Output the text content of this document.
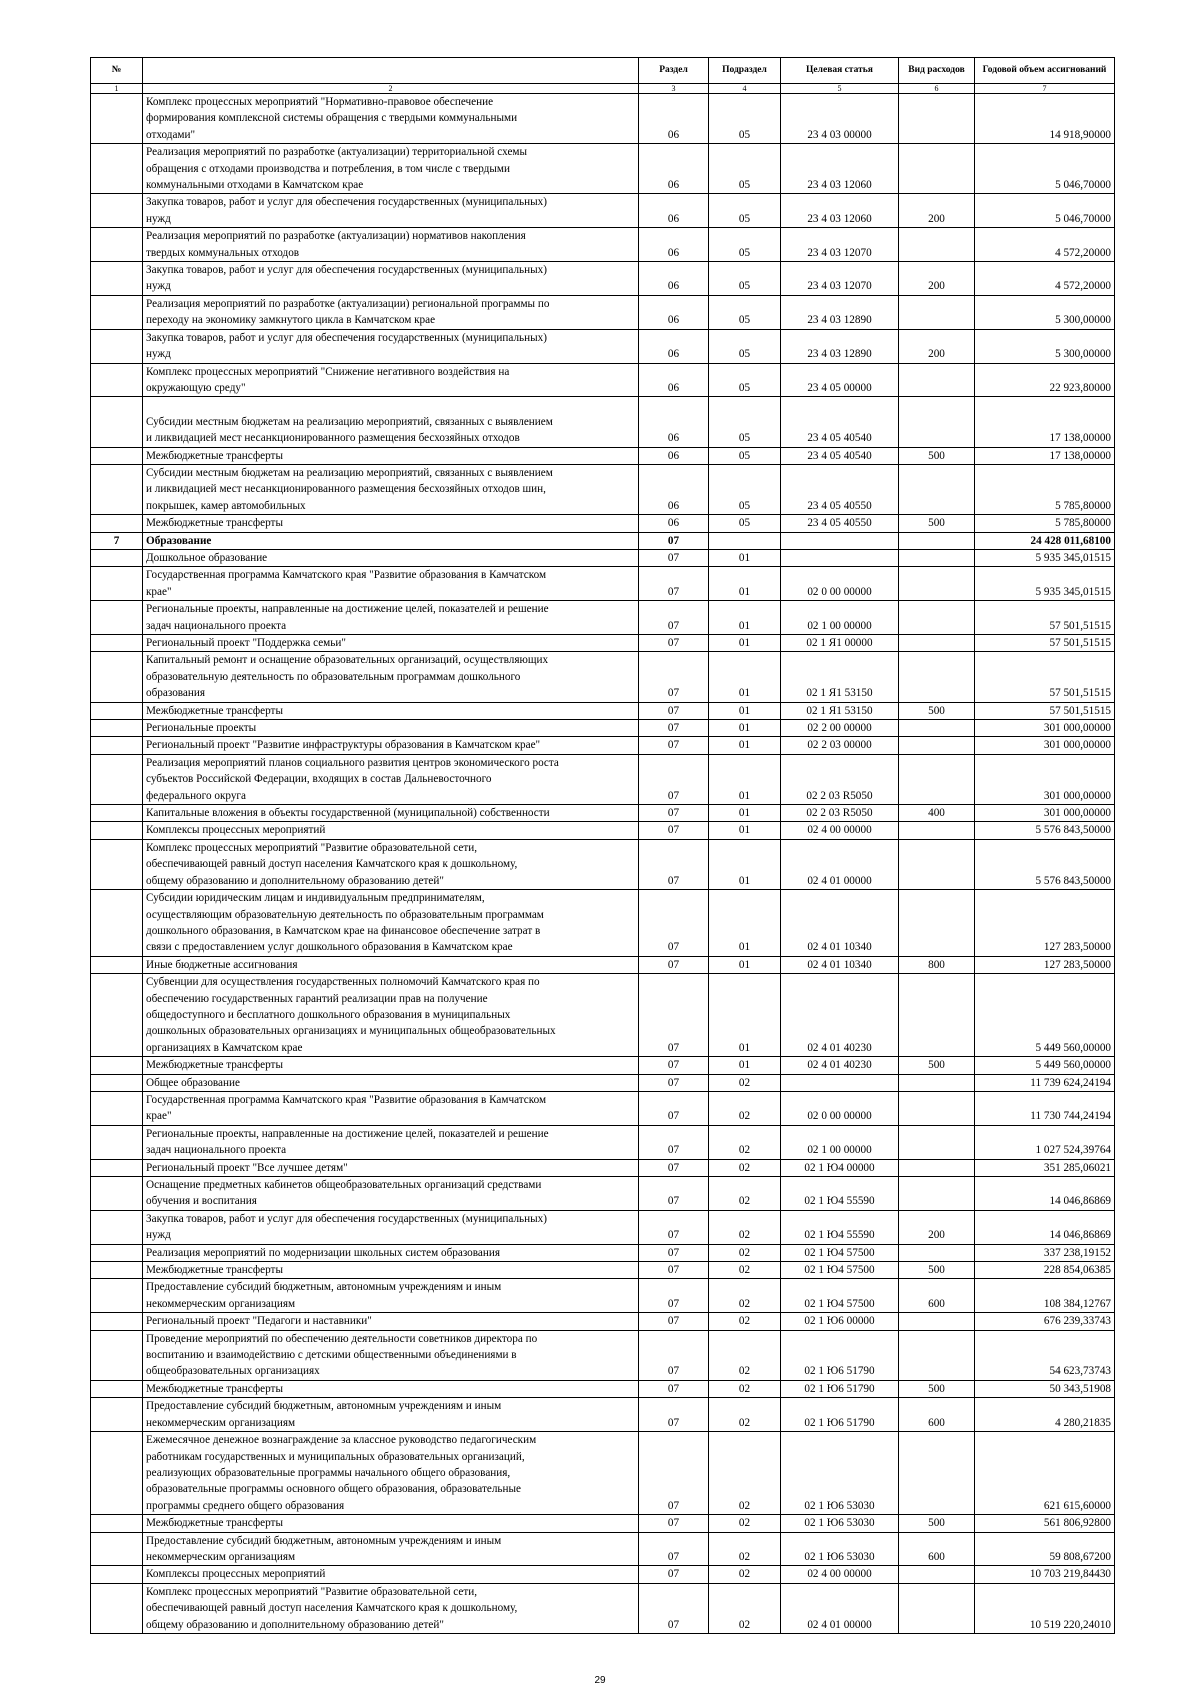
№		Раздел	Подраздел	Целевая статья	Вид расходов	Годовой объем ассигнований
1	2	3	4	5	6	7
	Комплекс процессных мероприятий "Нормативно-правовое обеспечение
формирования комплексной системы обращения с твердыми коммунальными
отходами"	06	05	23 4 03 00000		14 918,90000
	Реализация мероприятий по разработке (актуализации) территориальной схемы
обращения с отходами производства и потребления, в том числе с твердыми
коммунальными отходами в Камчатском крае	06	05	23 4 03 12060		5 046,70000
	Закупка товаров, работ и услуг для обеспечения государственных (муниципальных)
нужд	06	05	23 4 03 12060	200	5 046,70000
	Реализация мероприятий по разработке (актуализации) нормативов накопления
твердых коммунальных отходов	06	05	23 4 03 12070		4 572,20000
	Закупка товаров, работ и услуг для обеспечения государственных (муниципальных)
нужд	06	05	23 4 03 12070	200	4 572,20000
	Реализация мероприятий по разработке (актуализации) региональной программы по
переходу на экономику замкнутого цикла в Камчатском крае	06	05	23 4 03 12890		5 300,00000
	Закупка товаров, работ и услуг для обеспечения государственных (муниципальных)
нужд	06	05	23 4 03 12890	200	5 300,00000
	Комплекс процессных мероприятий "Снижение негативного воздействия на
окружающую среду"	06	05	23 4 05 00000		22 923,80000

Субсидии местным бюджетам на реализацию мероприятий, связанных с выявлением
и ликвидацией мест несанкционированного размещения бесхозяйных отходов	06	05	23 4 05 40540		17 138,00000
	Межбюджетные трансферты	06	05	23 4 05 40540	500	17 138,00000
	Субсидии местным бюджетам на реализацию мероприятий, связанных с выявлением
и ликвидацией мест несанкционированного размещения бесхозяйных отходов шин,
покрышек, камер автомобильных	06	05	23 4 05 40550		5 785,80000
	Межбюджетные трансферты	06	05	23 4 05 40550	500	5 785,80000
7	Образование	07				24 428 011,68100
	Дошкольное образование	07	01			5 935 345,01515
	Государственная программа Камчатского края "Развитие образования в Камчатском
крае"	07	01	02 0 00 00000		5 935 345,01515
	Региональные проекты, направленные на достижение целей, показателей и решение
задач национального проекта	07	01	02 1 00 00000		57 501,51515
	Региональный проект "Поддержка семьи"	07	01	02 1 Я1 00000		57 501,51515
	Капитальный ремонт и оснащение образовательных организаций, осуществляющих
образовательную деятельность по образовательным программам дошкольного
образования	07	01	02 1 Я1 53150		57 501,51515
	Межбюджетные трансферты	07	01	02 1 Я1 53150	500	57 501,51515
	Региональные проекты	07	01	02 2 00 00000		301 000,00000
	Региональный проект "Развитие инфраструктуры образования в Камчатском крае"	07	01	02 2 03 00000		301 000,00000
	Реализация мероприятий планов социального развития центров экономического роста
субъектов Российской Федерации, входящих в состав Дальневосточного
федерального округа	07	01	02 2 03 R5050		301 000,00000
	Капитальные вложения в объекты государственной (муниципальной) собственности	07	01	02 2 03 R5050	400	301 000,00000
	Комплексы процессных мероприятий	07	01	02 4 00 00000		5 576 843,50000
	Комплекс процессных мероприятий "Развитие образовательной сети,
обеспечивающей равный доступ населения Камчатского края к дошкольному,
общему образованию и дополнительному образованию детей"	07	01	02 4 01 00000		5 576 843,50000
	Субсидии юридическим лицам и индивидуальным предпринимателям,
осуществляющим образовательную деятельность по образовательным программам
дошкольного образования, в Камчатском крае на финансовое обеспечение затрат в
связи с предоставлением услуг дошкольного образования в Камчатском крае	07	01	02 4 01 10340		127 283,50000
	Иные бюджетные ассигнования	07	01	02 4 01 10340	800	127 283,50000
	Субвенции для осуществления государственных полномочий Камчатского края по
обеспечению государственных гарантий реализации прав на получение
общедоступного и бесплатного дошкольного образования в муниципальных
дошкольных образовательных организациях и муниципальных общеобразовательных
организациях в Камчатском крае	07	01	02 4 01 40230		5 449 560,00000
	Межбюджетные трансферты	07	01	02 4 01 40230	500	5 449 560,00000
	Общее образование	07	02			11 739 624,24194
	Государственная программа Камчатского края "Развитие образования в Камчатском
крае"	07	02	02 0 00 00000		11 730 744,24194
	Региональные проекты, направленные на достижение целей, показателей и решение
задач национального проекта	07	02	02 1 00 00000		1 027 524,39764
	Региональный проект "Все лучшее детям"	07	02	02 1 Ю4 00000		351 285,06021
	Оснащение предметных кабинетов общеобразовательных организаций средствами
обучения и воспитания	07	02	02 1 Ю4 55590		14 046,86869
	Закупка товаров, работ и услуг для обеспечения государственных (муниципальных)
нужд	07	02	02 1 Ю4 55590	200	14 046,86869
	Реализация мероприятий по модернизации школьных систем образования	07	02	02 1 Ю4 57500		337 238,19152
	Межбюджетные трансферты	07	02	02 1 Ю4 57500	500	228 854,06385
	Предоставление субсидий бюджетным, автономным учреждениям и иным
некоммерческим организациям	07	02	02 1 Ю4 57500	600	108 384,12767
	Региональный проект "Педагоги и наставники"	07	02	02 1 Ю6 00000		676 239,33743
	Проведение мероприятий по обеспечению деятельности советников директора по
воспитанию и взаимодействию с детскими общественными объединениями в
общеобразовательных организациях	07	02	02 1 Ю6 51790		54 623,73743
	Межбюджетные трансферты	07	02	02 1 Ю6 51790	500	50 343,51908
	Предоставление субсидий бюджетным, автономным учреждениям и иным
некоммерческим организациям	07	02	02 1 Ю6 51790	600	4 280,21835
	Ежемесячное денежное вознаграждение за классное руководство педагогическим
работникам государственных и муниципальных образовательных организаций,
реализующих образовательные программы начального общего образования,
образовательные программы основного общего образования, образовательные
программы среднего общего образования	07	02	02 1 Ю6 53030		621 615,60000
	Межбюджетные трансферты	07	02	02 1 Ю6 53030	500	561 806,92800
	Предоставление субсидий бюджетным, автономным учреждениям и иным
некоммерческим организациям	07	02	02 1 Ю6 53030	600	59 808,67200
	Комплексы процессных мероприятий	07	02	02 4 00 00000		10 703 219,84430
	Комплекс процессных мероприятий "Развитие образовательной сети,
обеспечивающей равный доступ населения Камчатского края к дошкольному,
общему образованию и дополнительному образованию детей"	07	02	02 4 01 00000		10 519 220,24010
29
